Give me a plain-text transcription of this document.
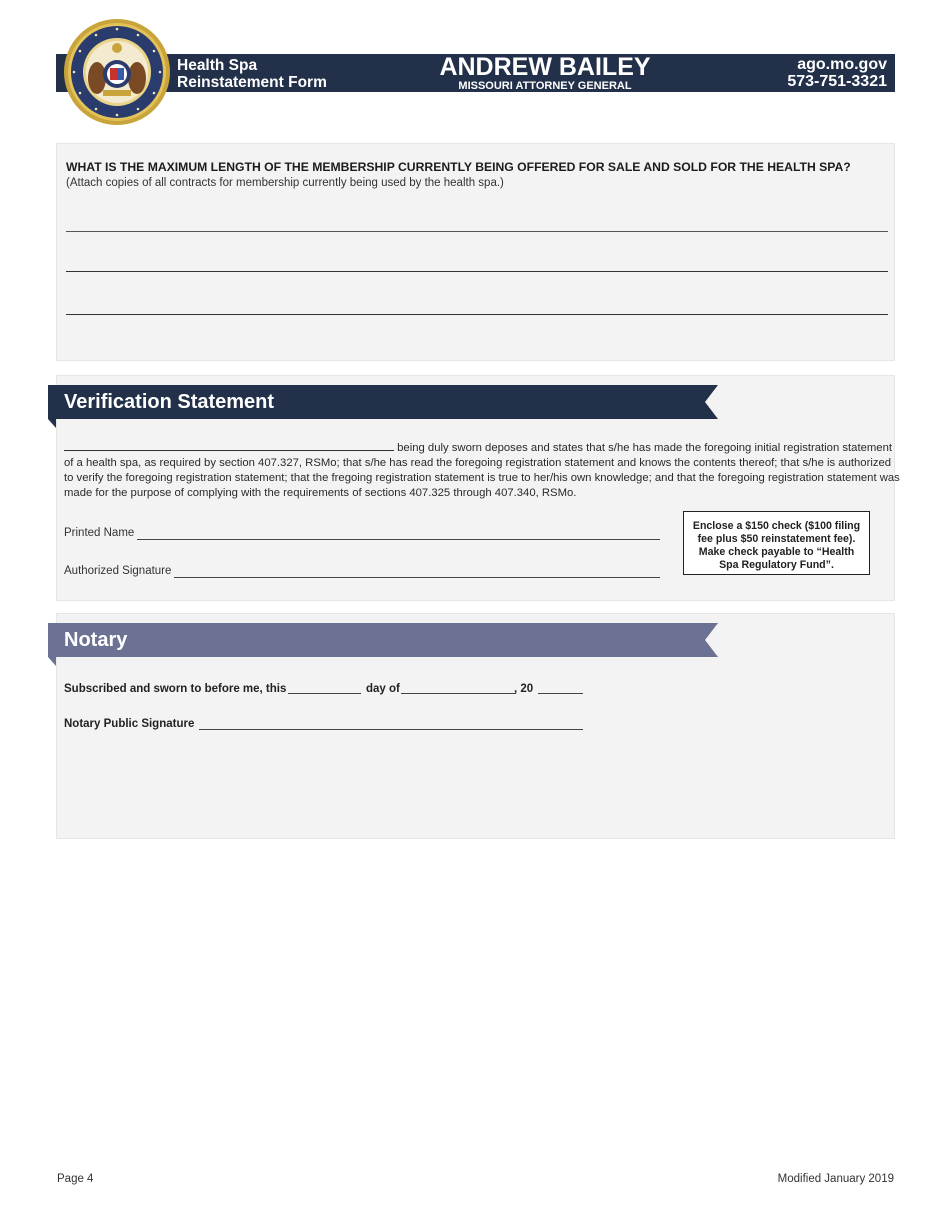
Health Spa
Reinstatement Form
ANDREW BAILEY
MISSOURI ATTORNEY GENERAL
ago.mo.gov
573-751-3321
WHAT IS THE MAXIMUM LENGTH OF THE MEMBERSHIP CURRENTLY BEING OFFERED FOR SALE AND SOLD FOR THE HEALTH SPA?
(Attach copies of all contracts for membership currently being used by the health spa.)
Verification Statement
being duly sworn deposes and states that s/he has made the foregoing initial registration statement of a health spa, as required by section 407.327, RSMo; that s/he has read the foregoing registration statement and knows the contents thereof; that s/he is authorized to verify the foregoing registration statement; that the fregoing registration statement is true to her/his own knowledge; and that the foregoing registration statement was made for the purpose of complying with the requirements of sections 407.325 through 407.340, RSMo.
Printed Name
Authorized Signature
Enclose a $150 check ($100 filing fee plus $50 reinstatement fee). Make check payable to “Health Spa Regulatory Fund”.
Notary
Subscribed and sworn to before me, this	day of	, 20
Notary Public Signature
Page 4	Modified January 2019
